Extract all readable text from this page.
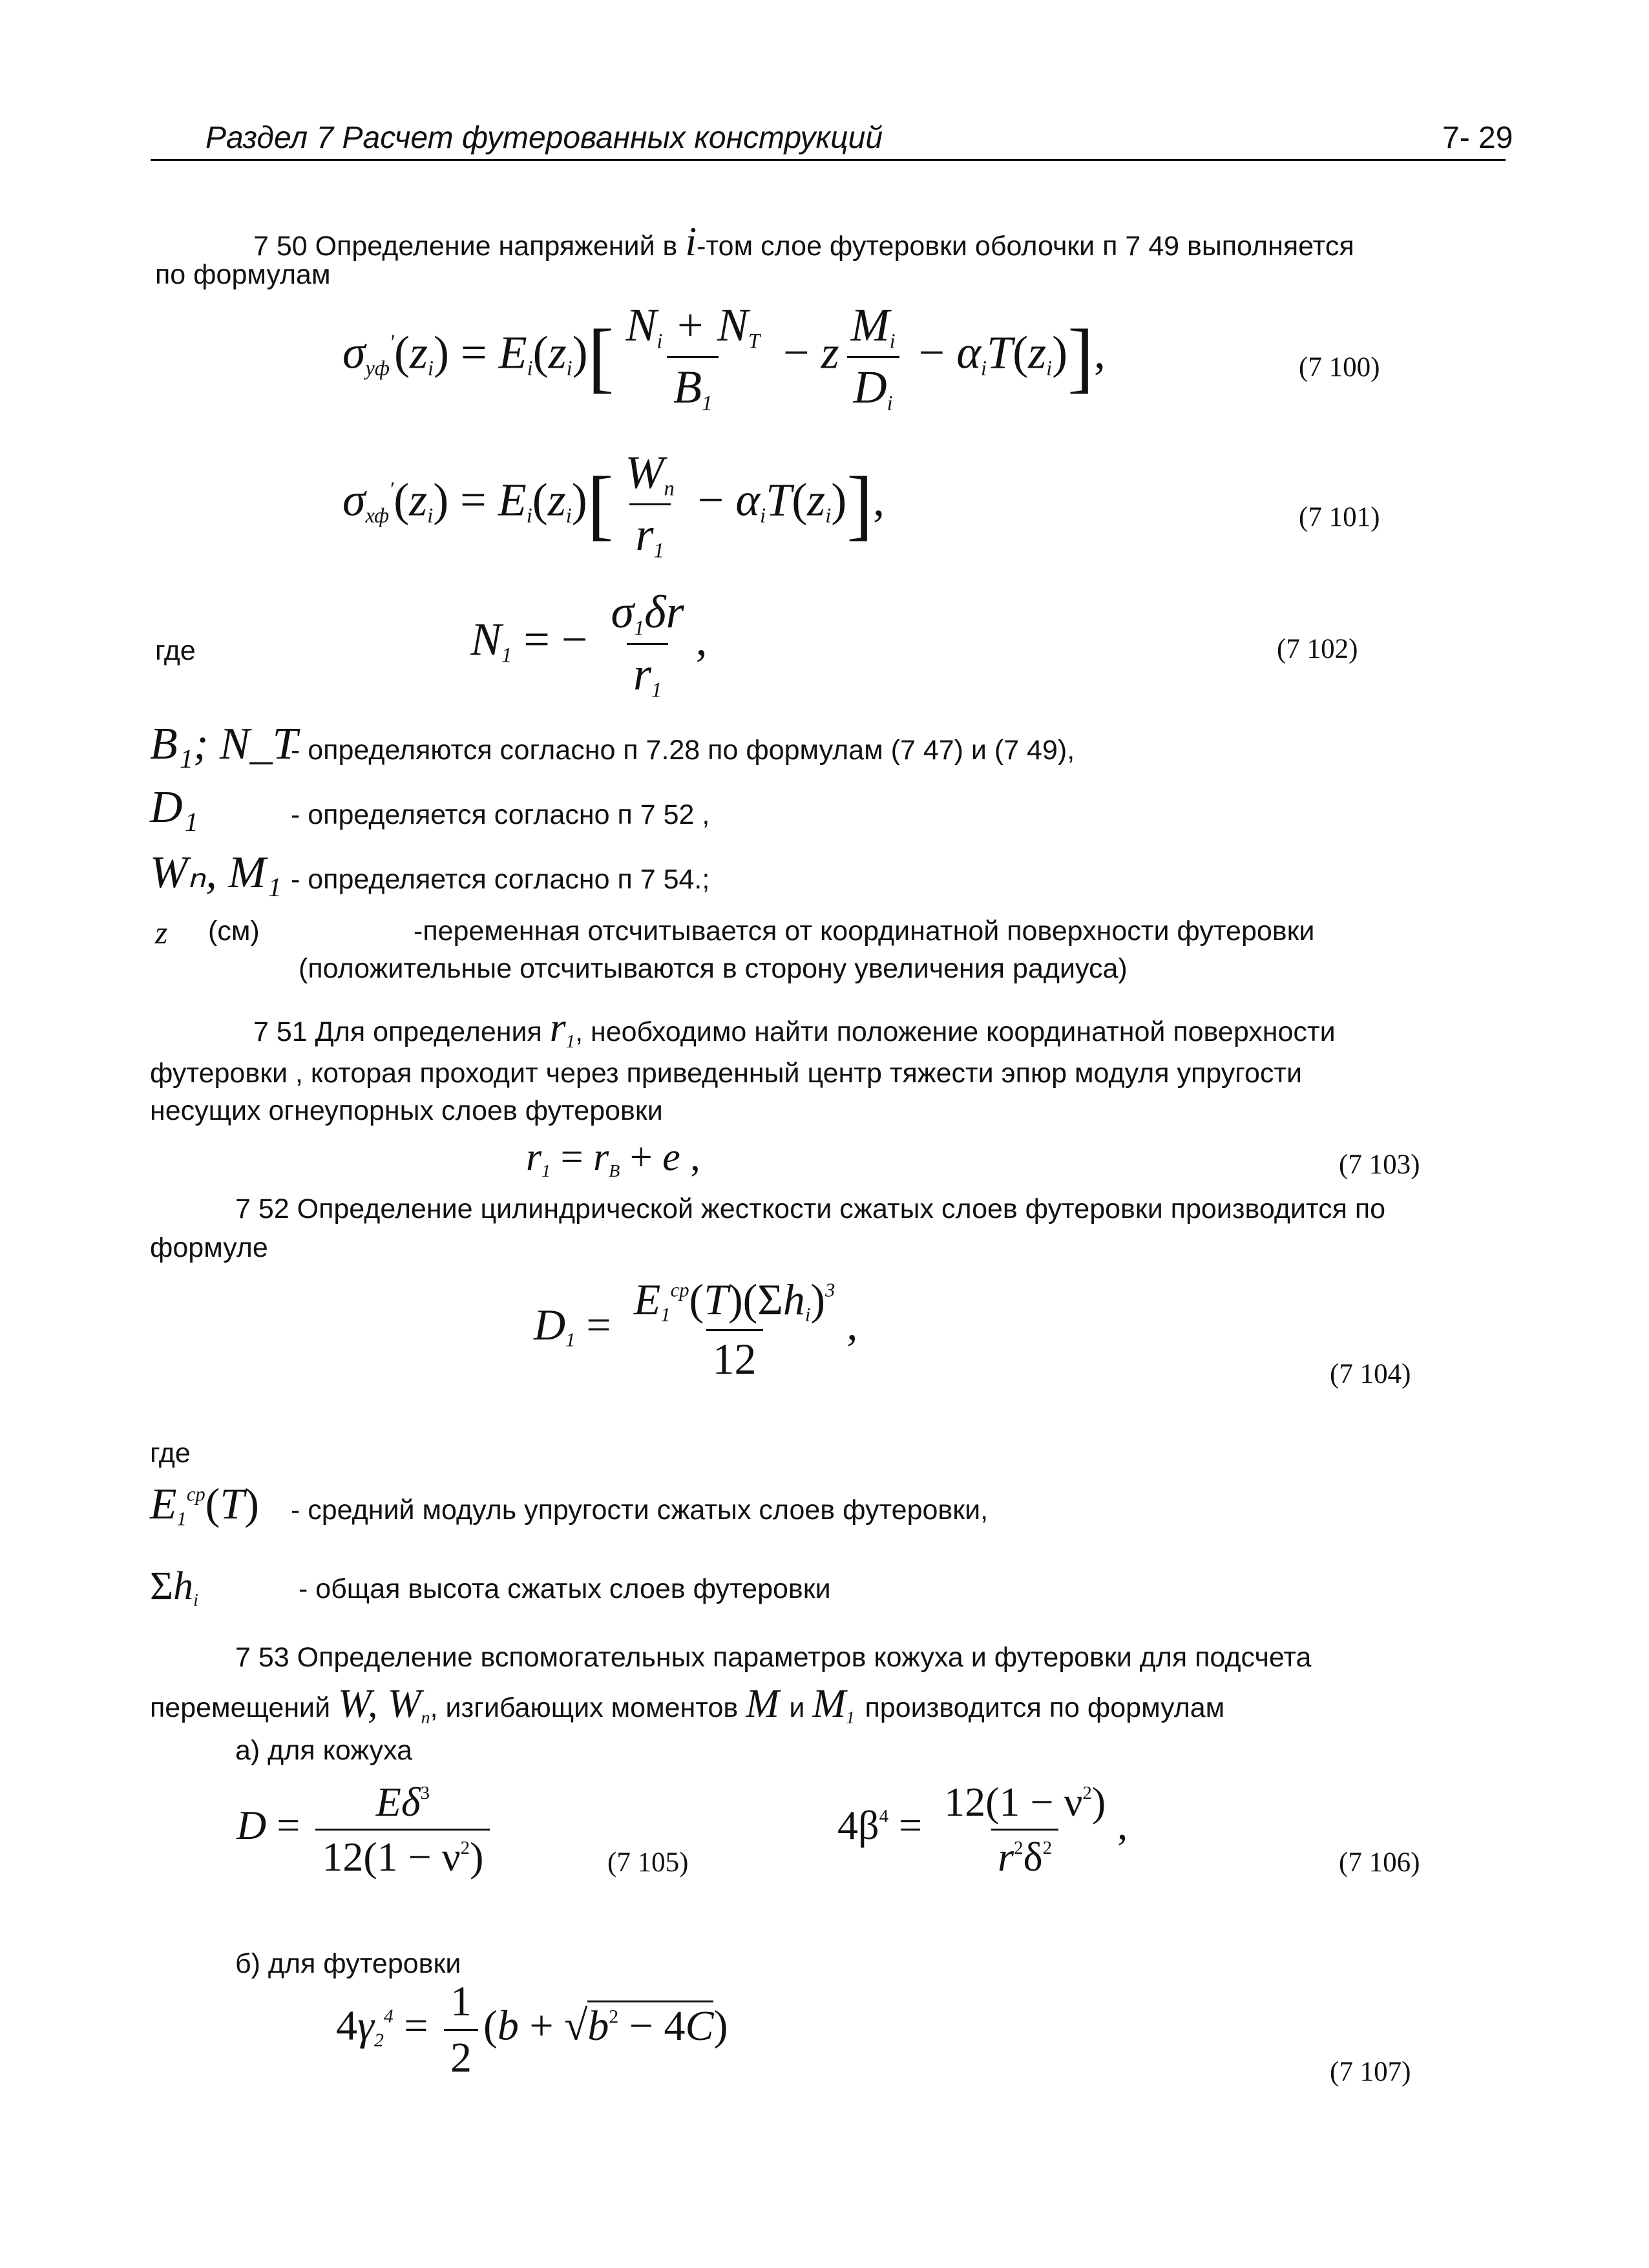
Раздел 7 Расчет футерованных конструкций	7- 29
7 50 Определение напряжений в i-том слое футеровки оболочки п 7 49 выполняется
по формулам
$\sigma_{уф}'(z_i) = E_i(z_i)[ \frac{N_i + N_T}{B_1} - z \frac{M_i}{D_i} - \alpha_iT(z_i)]$,	(7 100)
$\sigma_{хф}'(z_i) = E_i(z_i)[ \frac{W_n}{r_1} - \alpha_iT(z_i)]$,	(7 101)
где	$N_1$ = − $\frac{\sigma_1\delta r}{r_1}$ ,	(7 102)
B₁; N_T
- определяются согласно п 7.28 по формулам (7 47) и (7 49),
D₁	- определяется согласно п 7 52 ,
Wₙ, M₁ - определяется согласно п 7 54.;
z (см)	-переменная отсчитывается от координатной поверхности футеровки
(положительные отсчитываются в сторону увеличения радиуса)
7 51 Для определения $r_1$, необходимо найти положение координатной поверхности
футеровки , которая проходит через приведенный центр тяжести эпюр модуля упругости
несущих огнеупорных слоев футеровки
$r_1 = r_B + e$ ,	(7 103)
7 52 Определение цилиндрической жесткости сжатых слоев футеровки производится по
формуле
$D_1 = \frac{E_1^{ср}(T)(\Sigma h_i)^3}{12}$ ,
(7 104)
где
$E_1^{ср}(T)$ - средний модуль упругости сжатых слоев футеровки,
$\Sigma h_i$	- общая высота сжатых слоев футеровки
7 53 Определение вспомогательных параметров кожуха и футеровки для подсчета
перемещений W, $W_n$, изгибающих моментов M и $M_1$ производится по формулам
а) для кожуха
$D = \frac{E\delta^3}{12(1 - \nu^2)}$	(7 105)
$4\beta^4 = \frac{12(1 - \nu^2)}{r^2\delta^2}$ ,
(7 106)
б) для футеровки
$4\gamma_2^4 = \frac{1}{2} (b + √b^2 - 4C)$
(7 107)
